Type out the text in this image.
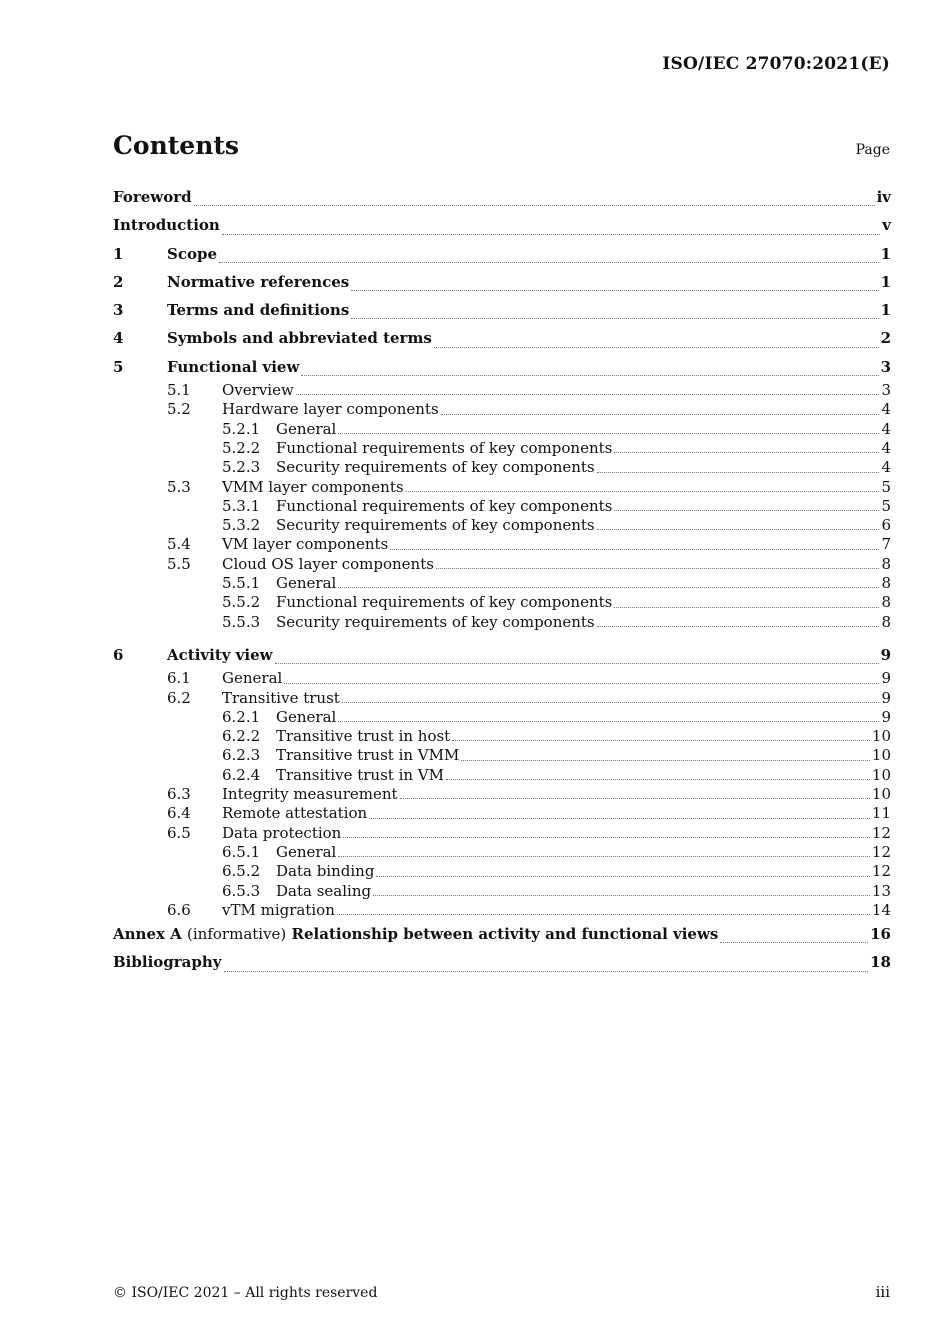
ISO/IEC 27070:2021(E)
Contents	Page
Foreword	iv
Introduction	v
1	Scope	1
2	Normative references	1
3	Terms and definitions	1
4	Symbols and abbreviated terms	2
5	Functional view	3
5.1	Overview	3
5.2	Hardware layer components	4
5.2.1	General	4
5.2.2	Functional requirements of key components	4
5.2.3	Security requirements of key components	4
5.3	VMM layer components	5
5.3.1	Functional requirements of key components	5
5.3.2	Security requirements of key components	6
5.4	VM layer components	7
5.5	Cloud OS layer components	8
5.5.1	General	8
5.5.2	Functional requirements of key components	8
5.5.3	Security requirements of key components	8
6	Activity view	9
6.1	General	9
6.2	Transitive trust	9
6.2.1	General	9
6.2.2	Transitive trust in host	10
6.2.3	Transitive trust in VMM	10
6.2.4	Transitive trust in VM	10
6.3	Integrity measurement	10
6.4	Remote attestation	11
6.5	Data protection	12
6.5.1	General	12
6.5.2	Data binding	12
6.5.3	Data sealing	13
6.6	vTM migration	14
Annex A (informative) Relationship between activity and functional views	16
Bibliography	18
© ISO/IEC 2021 – All rights reserved	iii
